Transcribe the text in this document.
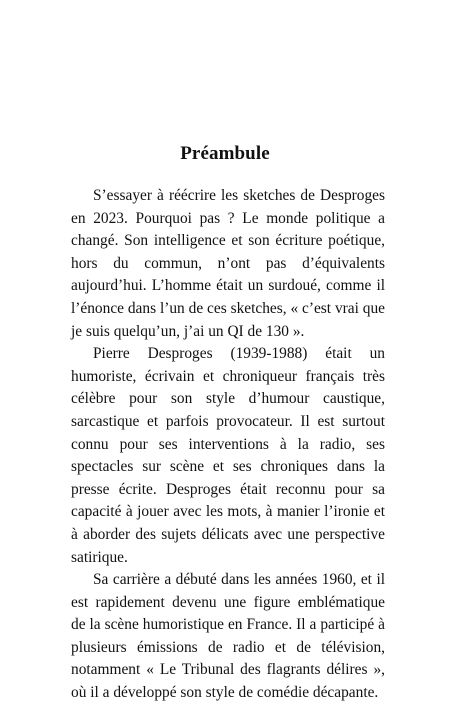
Préambule

S’essayer à réécrire les sketches de Desproges en 2023. Pourquoi pas ? Le monde politique a changé. Son intelligence et son écriture poétique, hors du commun, n’ont pas d’équivalents aujourd’hui. L’homme était un surdoué, comme il l’énonce dans l’un de ces sketches, « c’est vrai que je suis quelqu’un, j’ai un QI de 130 ».

Pierre Desproges (1939-1988) était un humoriste, écrivain et chroniqueur français très célèbre pour son style d’humour caustique, sarcastique et parfois provocateur. Il est surtout connu pour ses interventions à la radio, ses spectacles sur scène et ses chroniques dans la presse écrite. Desproges était reconnu pour sa capacité à jouer avec les mots, à manier l’ironie et à aborder des sujets délicats avec une perspective satirique.

Sa carrière a débuté dans les années 1960, et il est rapidement devenu une figure emblématique de la scène humoristique en France. Il a participé à plusieurs émissions de radio et de télévision, notamment « Le Tribunal des flagrants délires », où il a développé son style de comédie décapante.
